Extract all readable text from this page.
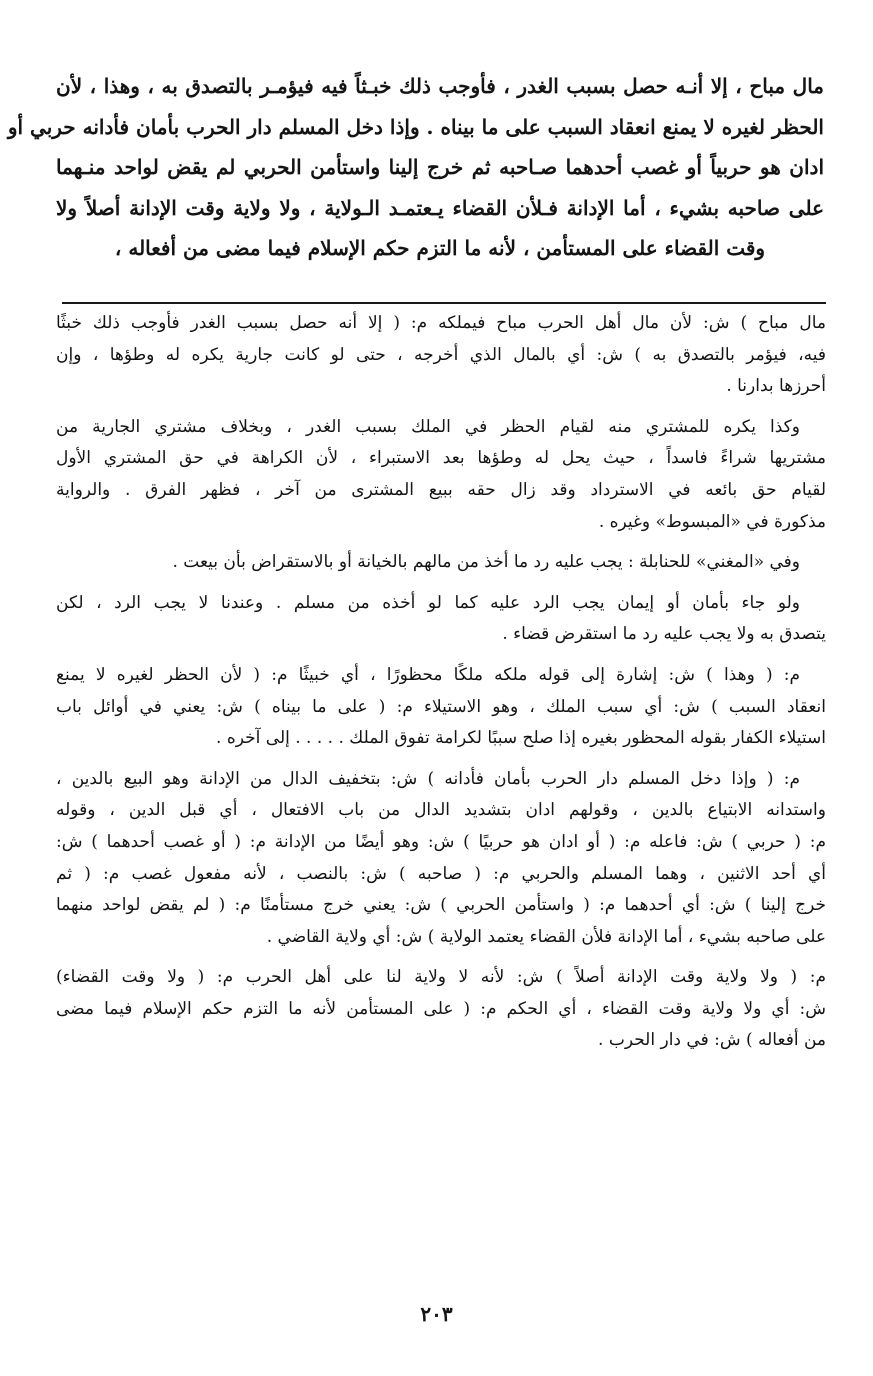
مال مباح ، إلا أنـه حصل بسبب الغدر ، فأوجب ذلك خبـثاً فيه فيؤمـر بالتصدق به ، وهذا ، لأن
الحظر لغيره لا يمنع انعقاد السبب على ما بيناه . وإذا دخل المسلم دار الحرب بأمان فأدانه حربي أو
ادان هو حربياً أو غصب أحدهما صـاحبه ثم خرج إلينا واستأمن الحربي لم يقض لواحد منـهما
على صاحبه بشيء ، أما الإدانة فـلأن القضاء يـعتمـد الـولاية ، ولا ولاية وقت الإدانة أصلاً ولا
وقت القضاء على المستأمن ، لأنه ما التزم حكم الإسلام فيما مضى من أفعاله ،
مال مباح ) ش: لأن مال أهل الحرب مباح فيملكه م: ( إلا أنه حصل بسبب الغدر فأوجب ذلك خبثًا
فيه، فيؤمر بالتصدق به ) ش: أي بالمال الذي أخرجه ، حتى لو كانت جارية يكره له وطؤها ، وإن
أحرزها بدارنا .
وكذا يكره للمشتري منه لقيام الحظر في الملك بسبب الغدر ، وبخلاف مشتري الجارية من
مشتريها شراءً فاسداً ، حيث يحل له وطؤها بعد الاستبراء ، لأن الكراهة في حق المشتري الأول
لقيام حق بائعه في الاسترداد وقد زال حقه ببيع المشترى من آخر ، فظهر الفرق . والرواية
مذكورة في «المبسوط» وغيره .
وفي «المغني» للحنابلة : يجب عليه رد ما أخذ من مالهم بالخيانة أو بالاستقراض بأن بيعت .
ولو جاء بأمان أو إيمان يجب الرد عليه كما لو أخذه من مسلم . وعندنا لا يجب الرد ، لكن
يتصدق به ولا يجب عليه رد ما استقرض قضاء .
م: ( وهذا ) ش: إشارة إلى قوله ملكه ملكًا محظورًا ، أي خبيثًا م: ( لأن الحظر لغيره لا يمنع
انعقاد السبب ) ش: أي سبب الملك ، وهو الاستيلاء م: ( على ما بيناه ) ش: يعني في أوائل باب
استيلاء الكفار بقوله المحظور بغيره إذا صلح سببًا لكرامة تفوق الملك . . . . . إلى آخره .
م: ( وإذا دخل المسلم دار الحرب بأمان فأدانه ) ش: بتخفيف الدال من الإدانة وهو البيع بالدين ،
واستدانه الابتياع بالدين ، وقولهم ادان بتشديد الدال من باب الافتعال ، أي قبل الدين ، وقوله
م: ( حربي ) ش: فاعله م: ( أو ادان هو حربيًا ) ش: وهو أيضًا من الإدانة م: ( أو غصب أحدهما ) ش:
أي أحد الاثنين ، وهما المسلم والحربي م: ( صاحبه ) ش: بالنصب ، لأنه مفعول غصب م: ( ثم
خرج إلينا ) ش: أي أحدهما م: ( واستأمن الحربي ) ش: يعني خرج مستأمنًا م: ( لم يقض لواحد منهما
على صاحبه بشيء ، أما الإدانة فلأن القضاء يعتمد الولاية ) ش: أي ولاية القاضي .
م: ( ولا ولاية وقت الإدانة أصلاً ) ش: لأنه لا ولاية لنا على أهل الحرب م: ( ولا وقت القضاء)
ش: أي ولا ولاية وقت القضاء ، أي الحكم م: ( على المستأمن لأنه ما التزم حكم الإسلام فيما مضى
من أفعاله ) ش: في دار الحرب .
٢٠٣
